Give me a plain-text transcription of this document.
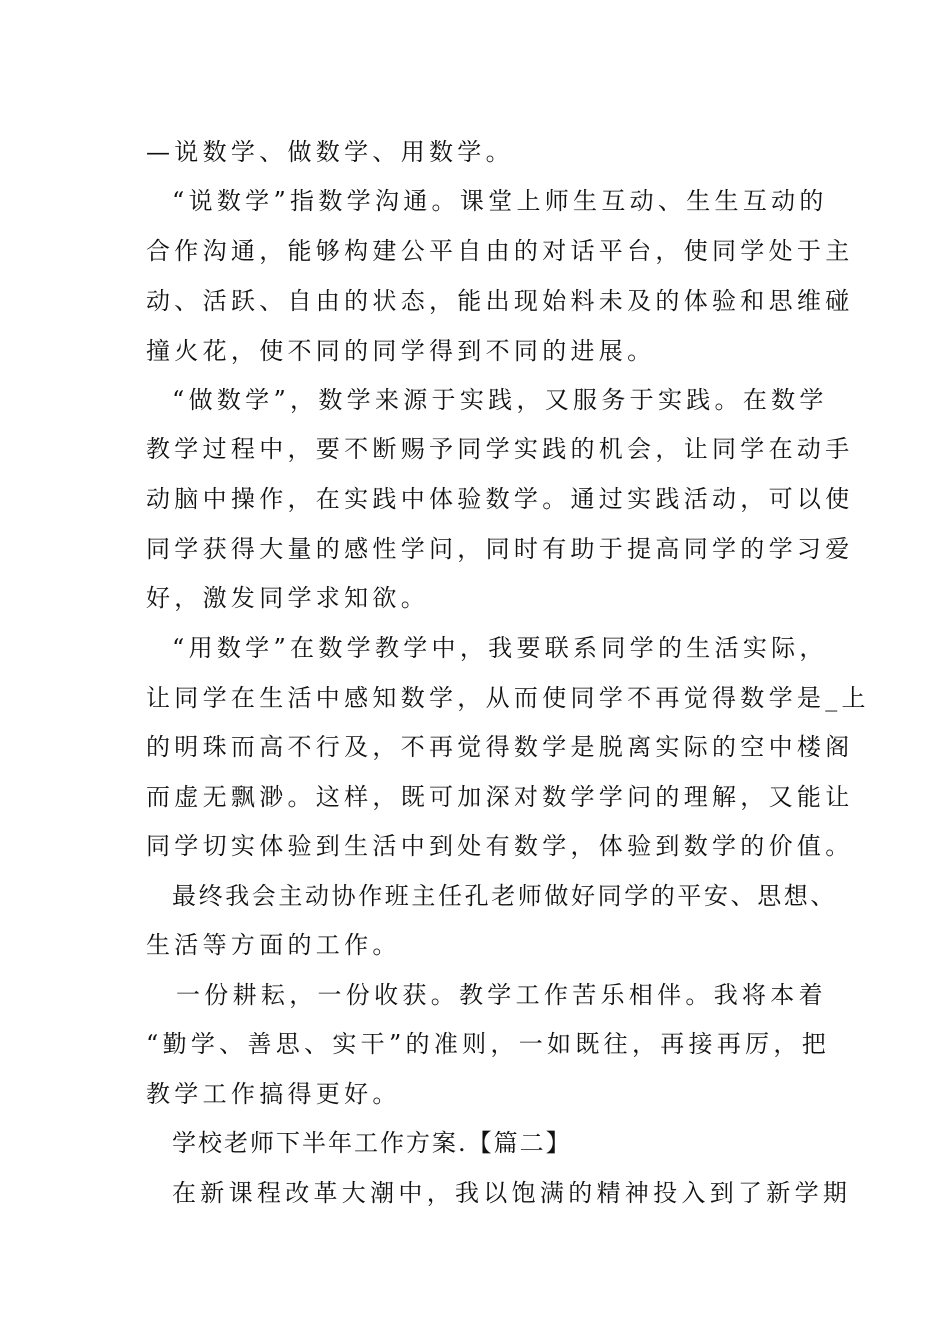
—说数学、做数学、用数学。
“说数学”指数学沟通。课堂上师生互动、生生互动的
合作沟通，能够构建公平自由的对话平台，使同学处于主
动、活跃、自由的状态，能出现始料未及的体验和思维碰
撞火花，使不同的同学得到不同的进展。
“做数学”，数学来源于实践，又服务于实践。在数学
教学过程中，要不断赐予同学实践的机会，让同学在动手
动脑中操作，在实践中体验数学。通过实践活动，可以使
同学获得大量的感性学问，同时有助于提高同学的学习爱
好，激发同学求知欲。
“用数学”在数学教学中，我要联系同学的生活实际，
让同学在生活中感知数学，从而使同学不再觉得数学是_上
的明珠而高不行及，不再觉得数学是脱离实际的空中楼阁
而虚无飘渺。这样，既可加深对数学学问的理解，又能让
同学切实体验到生活中到处有数学，体验到数学的价值。
最终我会主动协作班主任孔老师做好同学的平安、思想、
生活等方面的工作。
一份耕耘，一份收获。教学工作苦乐相伴。我将本着
“勤学、善思、实干”的准则，一如既往，再接再厉，把
教学工作搞得更好。
学校老师下半年工作方案.【篇二】
在新课程改革大潮中，我以饱满的精神投入到了新学期
